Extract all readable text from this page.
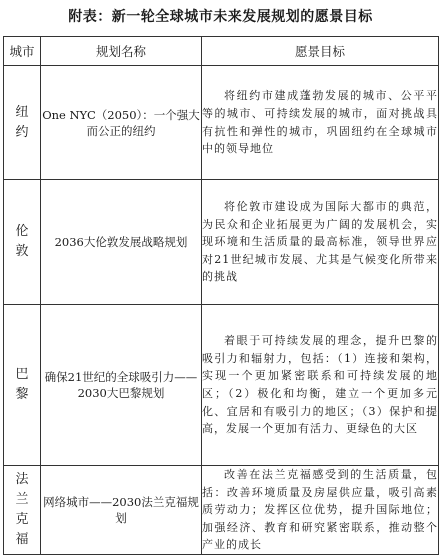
附表：新一轮全球城市未来发展规划的愿景目标
城市	规划名称	愿景目标
纽约	One NYC（2050）：一个强大而公正的纽约	将纽约市建成蓬勃发展的城市、公平平等的城市、可持续发展的城市，面对挑战具有抗性和弹性的城市，巩固纽约在全球城市中的领导地位
伦敦	2036大伦敦发展战略规划	将伦敦市建设成为国际大都市的典范，为民众和企业拓展更为广阔的发展机会，实现环境和生活质量的最高标准，领导世界应对21世纪城市发展、尤其是气候变化所带来的挑战
巴黎	确保21世纪的全球吸引力——2030大巴黎规划	着眼于可持续发展的理念，提升巴黎的吸引力和辐射力，包括：（1）连接和架构，实现一个更加紧密联系和可持续发展的地区；（2）极化和均衡，建立一个更加多元化、宜居和有吸引力的地区；（3）保护和提高，发展一个更加有活力、更绿色的大区
法兰克福	网络城市——2030法兰克福规划	改善在法兰克福感受到的生活质量，包括：改善环境质量及房屋供应量，吸引高素质劳动力；发挥区位优势，提升国际地位；加强经济、教育和研究紧密联系，推动整个产业的成长
